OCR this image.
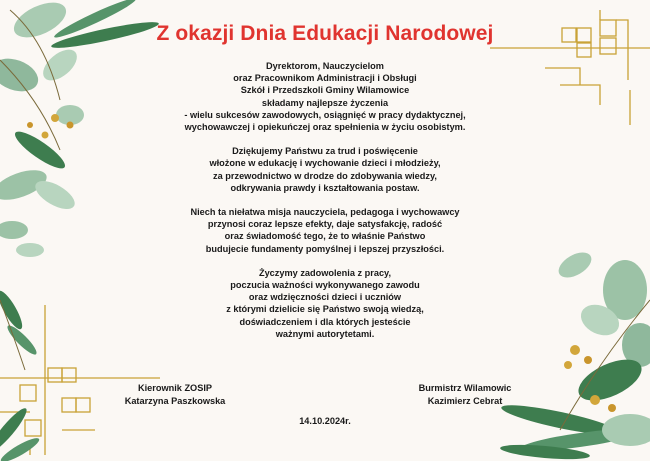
Z okazji Dnia Edukacji Narodowej
Dyrektorom, Nauczycielom
oraz Pracownikom Administracji i Obsługi
Szkół i Przedszkoli Gminy Wilamowice
składamy najlepsze życzenia
- wielu sukcesów zawodowych, osiągnięć w pracy dydaktycznej,
wychowawczej i opiekuńczej oraz spełnienia w życiu osobistym.
Dziękujemy Państwu za trud i poświęcenie
włożone w edukację i wychowanie dzieci i młodzieży,
za przewodnictwo w drodze do zdobywania wiedzy,
odkrywania prawdy i kształtowania postaw.
Niech ta niełatwa misja nauczyciela, pedagoga i wychowawcy
przynosi coraz lepsze efekty, daje satysfakcję, radość
oraz świadomość tego, że to właśnie Państwo
budujecie fundamenty pomyślnej i lepszej przyszłości.
Życzymy zadowolenia z pracy,
poczucia ważności wykonywanego zawodu
oraz wdzięczności dzieci i uczniów
z którymi dzielicie się Państwo swoją wiedzą,
doświadczeniem i dla których jesteście
ważnymi autorytetami.
Kierownik ZOSIP
Katarzyna Paszkowska
Burmistrz Wilamowic
Kazimierz Cebrat
14.10.2024r.
